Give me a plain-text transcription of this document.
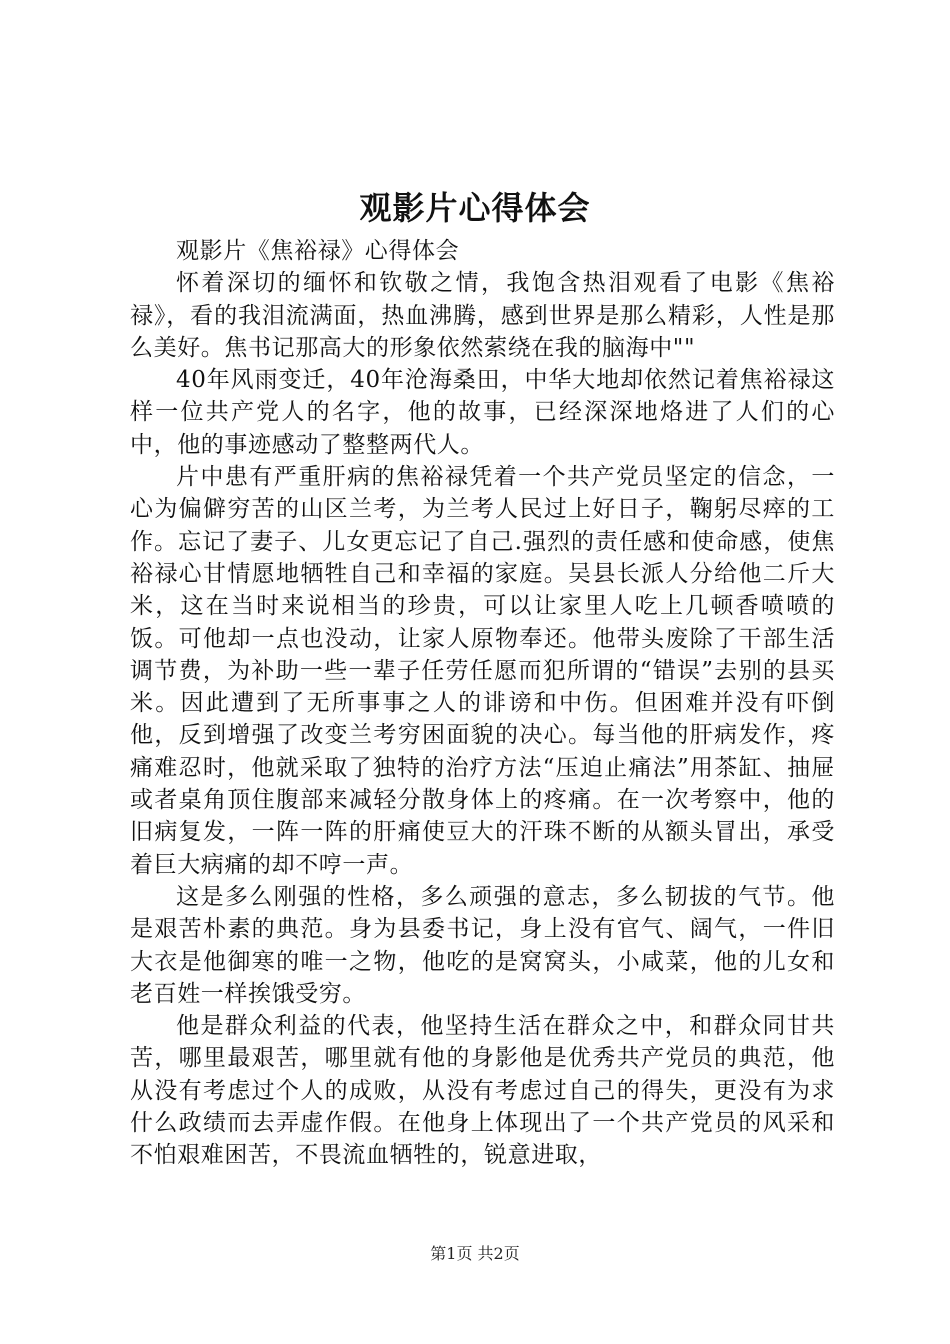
观影片心得体会

观影片《焦裕禄》心得体会

怀着深切的缅怀和钦敬之情，我饱含热泪观看了电影《焦裕禄》，看的我泪流满面，热血沸腾，感到世界是那么精彩，人性是那么美好。焦书记那高大的形象依然萦绕在我的脑海中""

40年风雨变迁，40年沧海桑田，中华大地却依然记着焦裕禄这样一位共产党人的名字，他的故事，已经深深地烙进了人们的心中，他的事迹感动了整整两代人。

片中患有严重肝病的焦裕禄凭着一个共产党员坚定的信念，一心为偏僻穷苦的山区兰考，为兰考人民过上好日子，鞠躬尽瘁的工作。忘记了妻子、儿女更忘记了自己.强烈的责任感和使命感，使焦裕禄心甘情愿地牺牲自己和幸福的家庭。吴县长派人分给他二斤大米，这在当时来说相当的珍贵，可以让家里人吃上几顿香喷喷的饭。可他却一点也没动，让家人原物奉还。他带头废除了干部生活调节费，为补助一些一辈子任劳任愿而犯所谓的“错误”去别的县买米。因此遭到了无所事事之人的诽谤和中伤。但困难并没有吓倒他，反到增强了改变兰考穷困面貌的决心。每当他的肝病发作，疼痛难忍时，他就采取了独特的治疗方法“压迫止痛法”用茶缸、抽屉或者桌角顶住腹部来减轻分散身体上的疼痛。在一次考察中，他的旧病复发，一阵一阵的肝痛使豆大的汗珠不断的从额头冒出，承受着巨大病痛的却不哼一声。

这是多么刚强的性格，多么顽强的意志，多么韧拔的气节。他是艰苦朴素的典范。身为县委书记，身上没有官气、阔气，一件旧大衣是他御寒的唯一之物，他吃的是窝窝头，小咸菜，他的儿女和老百姓一样挨饿受穷。

他是群众利益的代表，他坚持生活在群众之中，和群众同甘共苦，哪里最艰苦，哪里就有他的身影他是优秀共产党员的典范，他从没有考虑过个人的成败，从没有考虑过自己的得失，更没有为求什么政绩而去弄虚作假。在他身上体现出了一个共产党员的风采和不怕艰难困苦，不畏流血牺牲的，锐意进取，

第1页 共2页
